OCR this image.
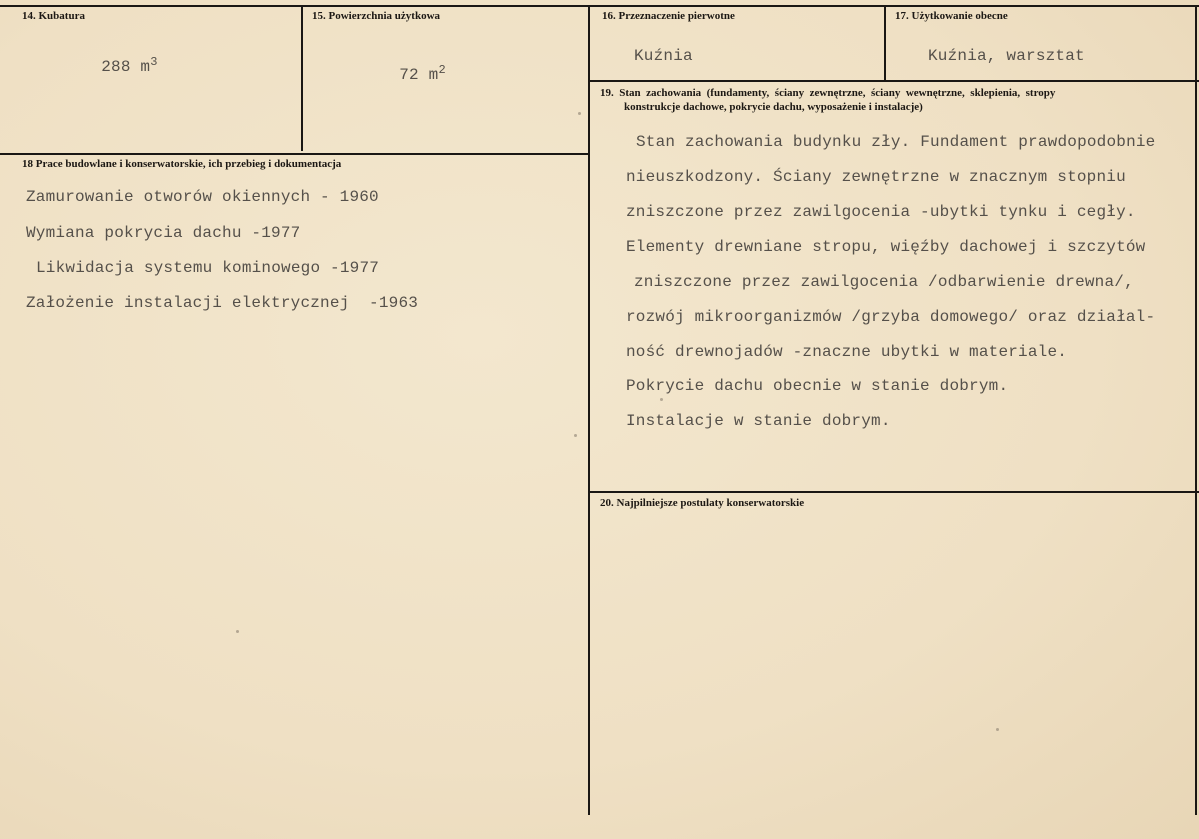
14. Kubatura

288 $m^3$

15. Powierzchnia użytkowa

72 $m^2$

16. Przeznaczenie pierwotne
Kuźnia
17. Użytkowanie obecne
Kuźnia, warsztat
18 Prace budowlane i konserwatorskie, ich przebieg i dokumentacja
Zamurowanie otworów okiennych - 1960
Wymiana pokrycia dachu -1977
Likwidacja systemu kominowego -1977
Założenie instalacji elektrycznej  -1963
19.  Stan  zachowania  (fundamenty,  ściany  zewnętrzne,  ściany  wewnętrzne,  sklepienia,  stropy
konstrukcje dachowe, pokrycie dachu, wyposażenie i instalacje)
Stan zachowania budynku zły. Fundament prawdopodobnie
nieuszkodzony. Ściany zewnętrzne w znacznym stopniu
zniszczone przez zawilgocenia -ubytki tynku i cegły.
Elementy drewniane stropu, więźby dachowej i szczytów
zniszczone przez zawilgocenia /odbarwienie drewna/,
rozwój mikroorganizmów /grzyba domowego/ oraz działal-
ność drewnojadów -znaczne ubytki w materiale.
Pokrycie dachu obecnie w stanie dobrym.
Instalacje w stanie dobrym.
20. Najpilniejsze postulaty konserwatorskie
